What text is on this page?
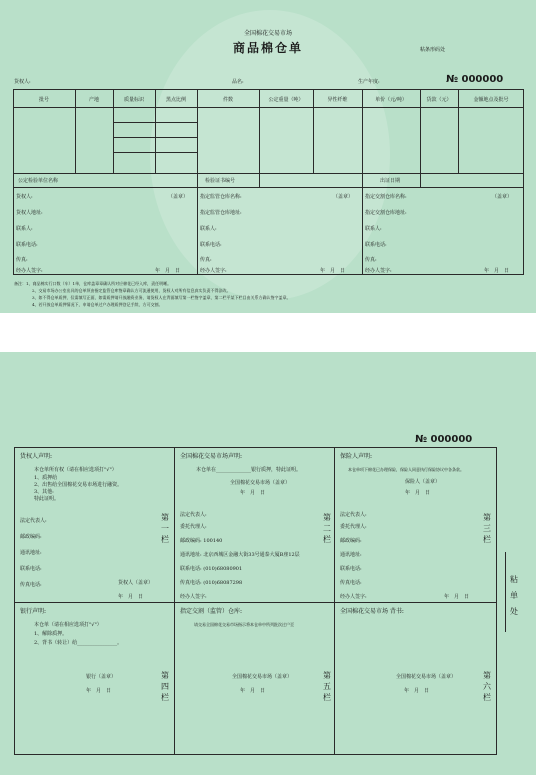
全国棉花交易市场
商品棉仓单	粘条形码处
货权人:	品名:	生产年度:	№ 000000
批号	产地	质量标识	黑点比例	件数	公定重量（吨）	异性纤维	单价（元/吨）	货款（元）	金额地点及批号
公定检验单位名称	检验证书编号	出证日期
货权人:	（盖章） 指定监管仓库名称:	（盖章） 指定交割仓库名称:	（盖章）
货权人地址:	指定监管仓库地址:	指定交割仓库地址:
联系人:	联系人:	联系人:
联系电话:	联系电话:	联系电话:
传真:	传真:	传真:
经办人签字:	年　月　日	经办人签字:	年　月　日	经办人签字:	年　月　日
备注：1、商品棉实行口数（车）1单，仓库盖章章确认所对应棉花已经入库，责任明晰。
2、交易市场办公室出具的仓单须由指定监管仓库签章确认方可流通使用，货权人对所有信息真实负责不得涂改。
3、如不得仓单质押，仅需填写正面，如需质押请开放融资业务，请货权人在背面填写第一栏签字盖章，第二栏平某下栏目由关系方确认签字盖章。
4、若开放仓单质押情况下，申请仓单过户办理质押登记手续，方可交割。
№ 000000
货权人声明:
本仓单所有权（请在相应选项打"√"）
1、质押给
2、出售给全国棉花交易市场进行融资。
3、其他:
特此证明。
法定代表人:
邮政编码:
通讯地址:
联系电话:
传真电话:	货权人（盖章）
年　月　日
第一栏
全国棉花交易市场声明:
本仓单在______________银行质押，特此证明。
全国棉花交易市场（盖章）
年　月　日
法定代表人:
委托代理人:
邮政编码: 100140
通讯地址: 北京西城区金融大街33号通泰大厦B座12层
联系电话: (010)68080901
传真电话: (010)68087298
经办人签字:
第二栏
保险人声明:
本仓单项下棉花已办理保险，保险人同意执行保险协议中各条款。
保险人（盖章）
年　月　日
法定代表人:
委托代理人:
邮政编码:
通讯地址:
联系电话:
传真电话:
经办人签字:	年　月　日
第三栏
银行声明:
本仓单（请在相应选项打"√"）
1、解除质押。
2、背书（转让）给________________。
银行（盖章）
年　月　日
第四栏
指定交割（监管）仓库:
请交易全国棉花交易市场指示将本仓单中所列批次过户至
全国棉花交易市场（盖章）
年　月　日
第五栏
全国棉花交易市场 背书:
全国棉花交易市场（盖章）
年　月　日
第六栏
粘单处
